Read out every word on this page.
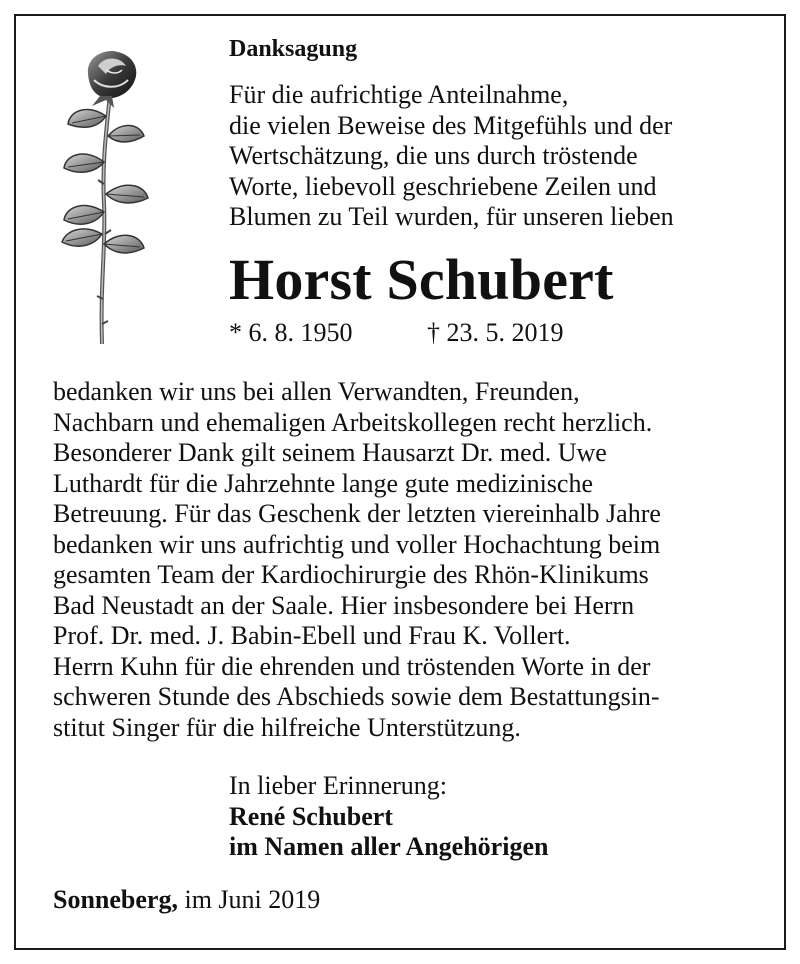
Danksagung
Für die aufrichtige Anteilnahme,
die vielen Beweise des Mitgefühls und der
Wertschätzung, die uns durch tröstende
Worte, liebevoll geschriebene Zeilen und
Blumen zu Teil wurden, für unseren lieben
Horst Schubert
* 6. 8. 1950	† 23. 5. 2019
bedanken wir uns bei allen Verwandten, Freunden,
Nachbarn und ehemaligen Arbeitskollegen recht herzlich.
Besonderer Dank gilt seinem Hausarzt Dr. med. Uwe
Luthardt für die Jahrzehnte lange gute medizinische
Betreuung. Für das Geschenk der letzten viereinhalb Jahre
bedanken wir uns aufrichtig und voller Hochachtung beim
gesamten Team der Kardiochirurgie des Rhön-Klinikums
Bad Neustadt an der Saale. Hier insbesondere bei Herrn
Prof. Dr. med. J. Babin-Ebell und Frau K. Vollert.
Herrn Kuhn für die ehrenden und tröstenden Worte in der
schweren Stunde des Abschieds sowie dem Bestattungsin-
stitut Singer für die hilfreiche Unterstützung.
In lieber Erinnerung:
René Schubert
im Namen aller Angehörigen
Sonneberg, im Juni 2019
